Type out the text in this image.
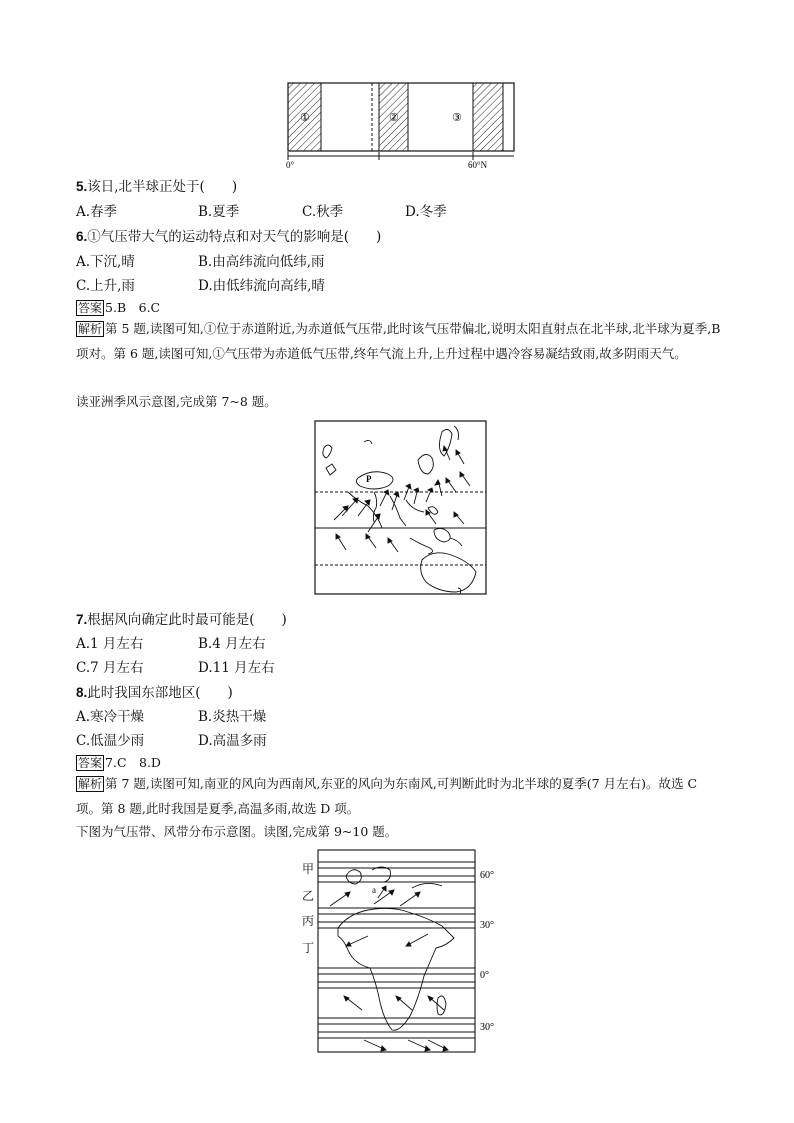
①	②	③
0°	60°N
5.该日,北半球正处于(　　)
A.春季	B.夏季	C.秋季	D.冬季
6.①气压带大气的运动特点和对天气的影响是(　　)
A.下沉,晴	B.由高纬流向低纬,雨
C.上升,雨	D.由低纬流向高纬,晴
答案 5.B　6.C
解析 第 5 题,读图可知,①位于赤道附近,为赤道低气压带,此时该气压带偏北,说明太阳直射点在北半球,北半球为夏季,B 项对。第 6 题,读图可知,①气压带为赤道低气压带,终年气流上升,上升过程中遇冷容易凝结致雨,故多阴雨天气。
读亚洲季风示意图,完成第 7~8 题。
P
7.根据风向确定此时最可能是(　　)
A.1 月左右	B.4 月左右
C.7 月左右	D.11 月左右
8.此时我国东部地区(　　)
A.寒冷干燥	B.炎热干燥
C.低温少雨	D.高温多雨
答案 7.C　8.D
解析 第 7 题,读图可知,南亚的风向为西南风,东亚的风向为东南风,可判断此时为北半球的夏季(7 月左右)。故选 C 项。第 8 题,此时我国是夏季,高温多雨,故选 D 项。
下图为气压带、风带分布示意图。读图,完成第 9~10 题。
甲
乙
丙
丁
a
60°
30°
0°
30°
